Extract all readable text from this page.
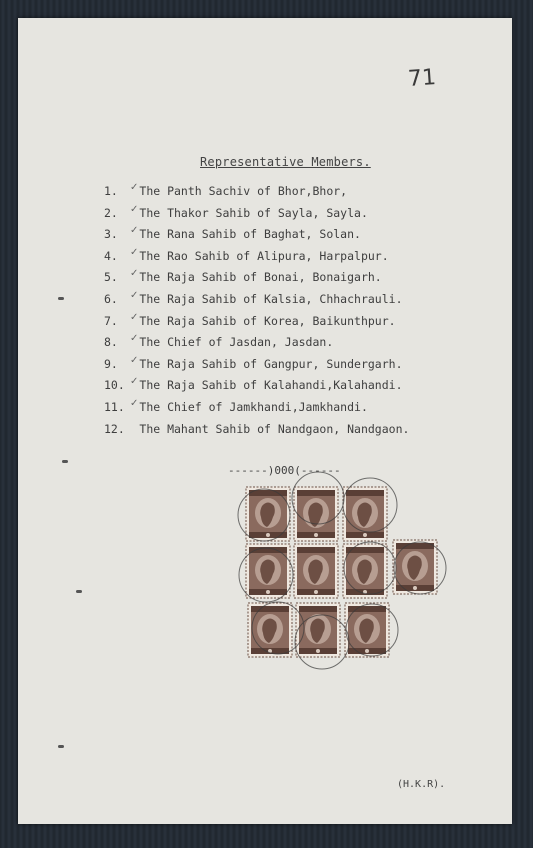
71
Representative Members.
1. ✓The Panth Sachiv of Bhor,Bhor,
2. ✓The Thakor Sahib of Sayla, Sayla.
3. ✓The Rana Sahib of Baghat, Solan.
4. ✓The Rao Sahib of Alipura, Harpalpur.
5. ✓The Raja Sahib of Bonai, Bonaigarh.
6. ✓The Raja Sahib of Kalsia, Chhachrauli.
7. ✓The Raja Sahib of Korea, Baikunthpur.
8. ✓The Chief of Jasdan, Jasdan.
9. ✓The Raja Sahib of Gangpur, Sundergarh.
10. ✓The Raja Sahib of Kalahandi,Kalahandi.
11. ✓The Chief of Jamkhandi,Jamkhandi.
12. The Mahant Sahib of Nandgaon, Nandgaon.
------)000(------
(H.K.R).
